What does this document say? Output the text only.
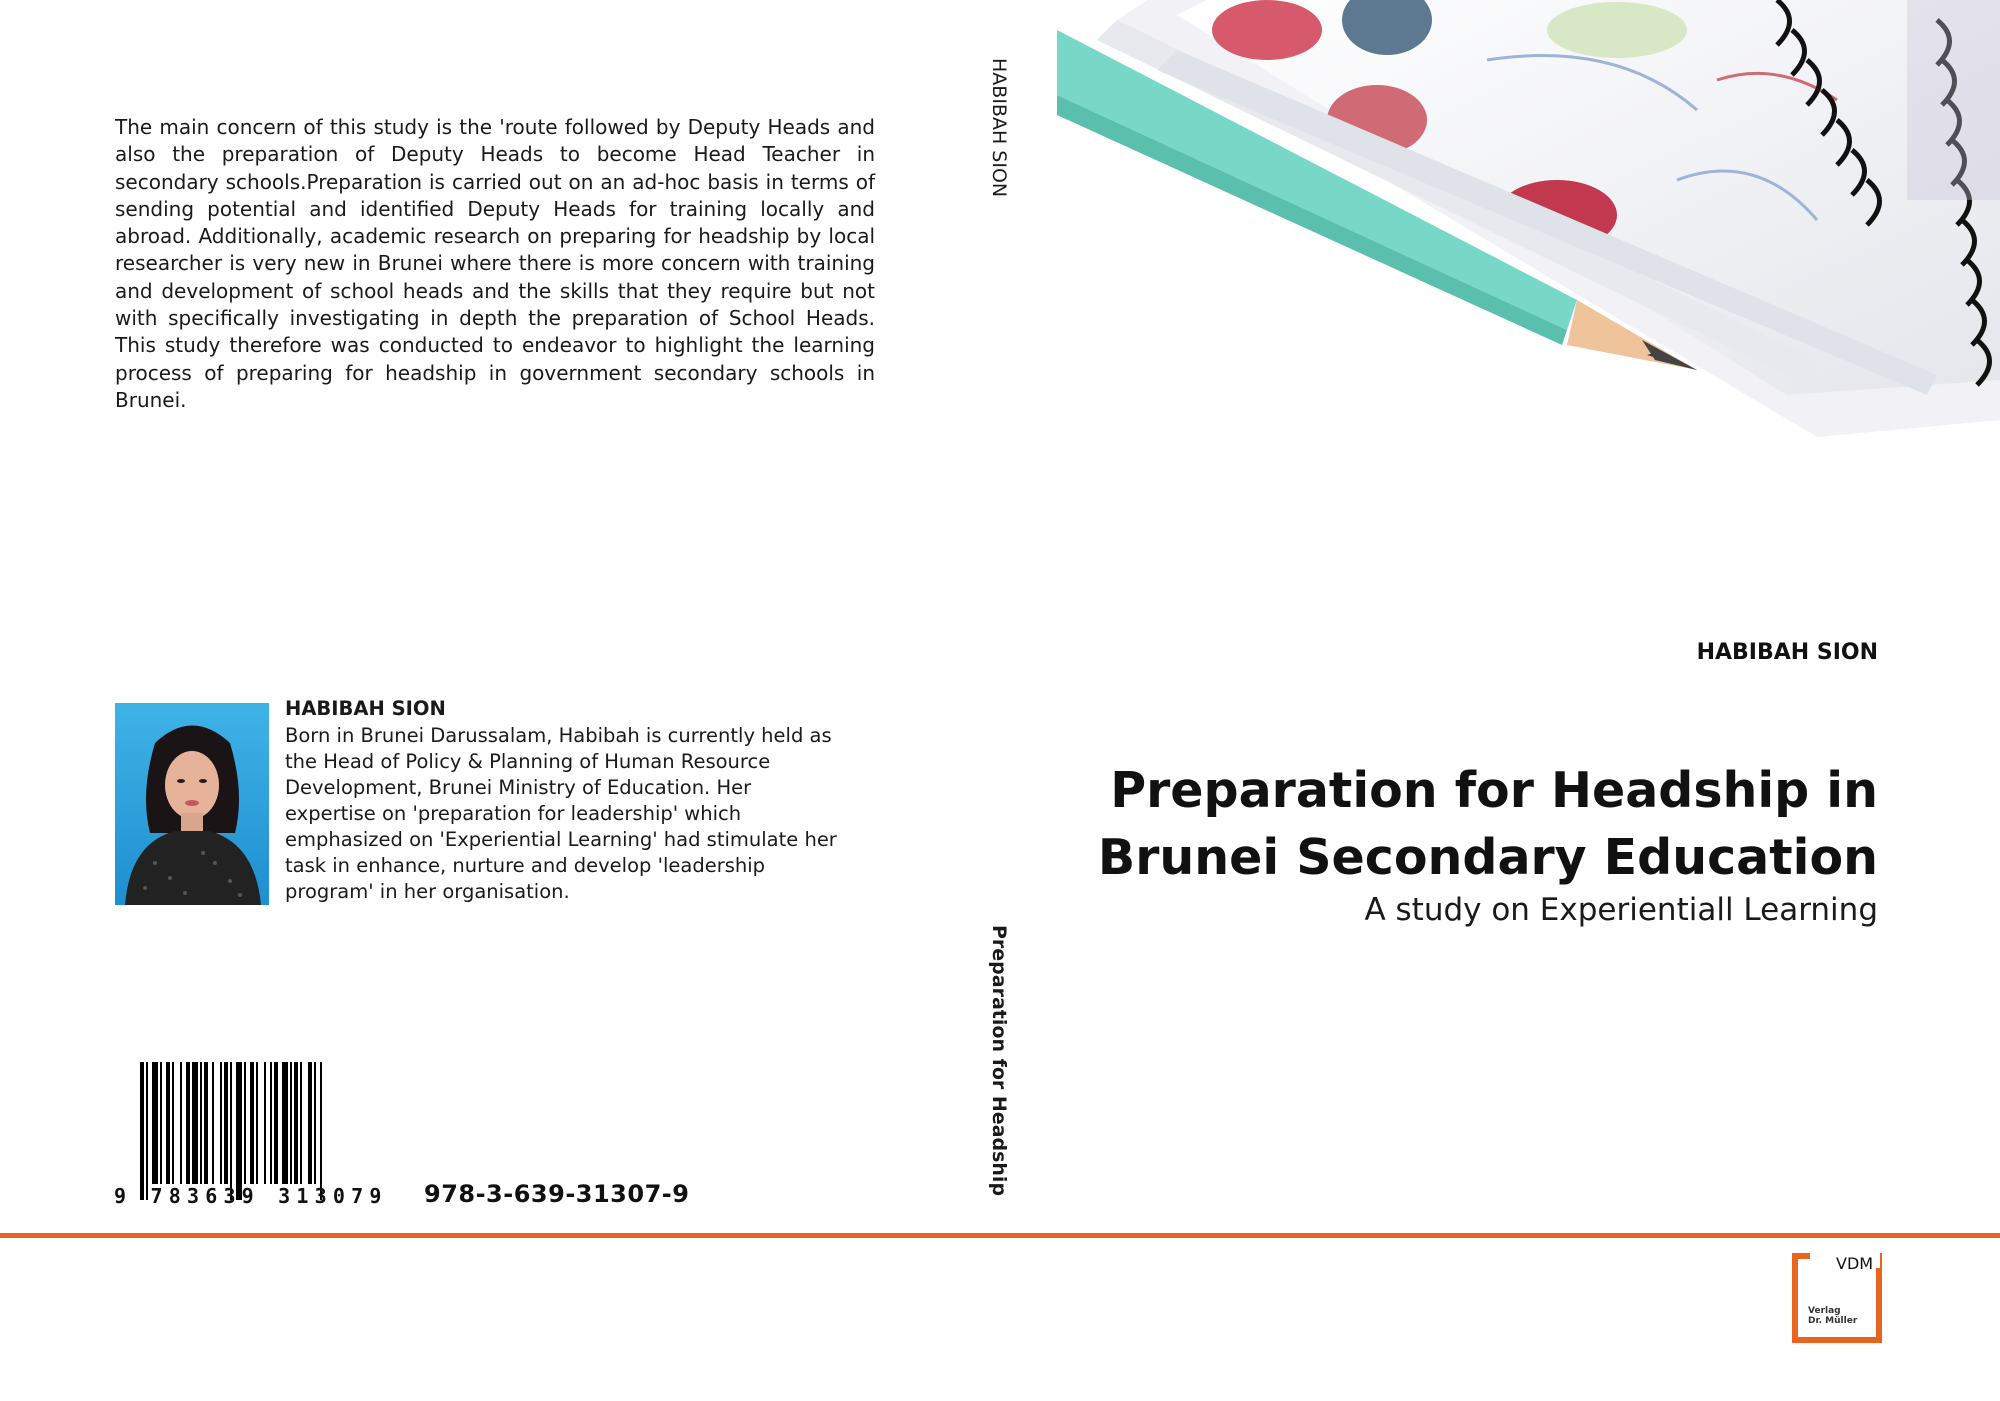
The main concern of this study is the 'route followed by Deputy Heads and also the preparation of Deputy Heads to become Head Teacher in secondary schools.Preparation is carried out on an ad-hoc basis in terms of sending potential and identified Deputy Heads for training locally and abroad. Additionally, academic research on preparing for headship by local researcher is very new in Brunei where there is more concern with training and development of school heads and the skills that they require but not with specifically investigating in depth the preparation of School Heads. This study therefore was conducted to endeavor to highlight the learning process of preparing for headship in government secondary schools in Brunei.
HABIBAH SION
Born in Brunei Darussalam, Habibah is currently held as the Head of Policy & Planning of Human Resource Development, Brunei Ministry of Education. Her expertise on 'preparation for leadership' which emphasized on 'Experiential Learning' had stimulate her task in enhance, nurture and develop 'leadership program' in her organisation.
9 783639 313079 978-3-639-31307-9
HABIBAH SION
Preparation for Headship
HABIBAH SION
Preparation for Headship in Brunei Secondary Education
A study on Experientiall Learning
VDM
Verlag
Dr. Müller
